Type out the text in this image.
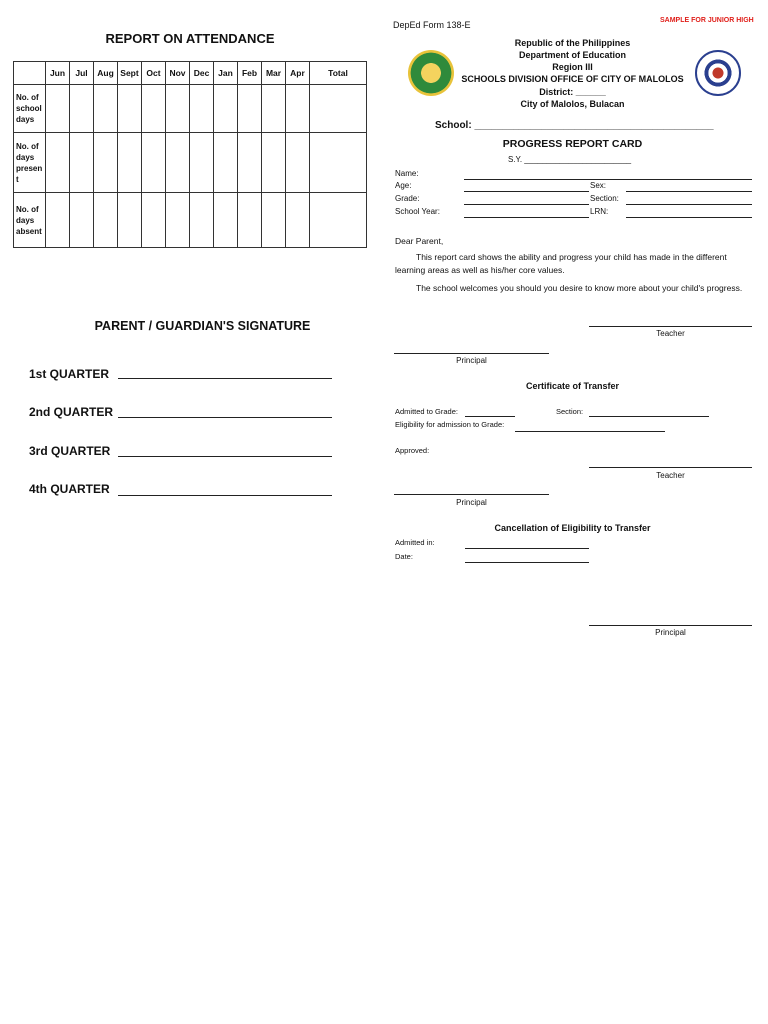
REPORT ON ATTENDANCE
	Jun	Jul	Aug	Sept	Oct	Nov	Dec	Jan	Feb	Mar	Apr	Total
No. of school days												
No. of days presen t												
No. of days absent												
PARENT / GUARDIAN'S SIGNATURE
1st QUARTER
2nd QUARTER
3rd QUARTER
4th QUARTER
DepEd Form 138-E	SAMPLE FOR JUNIOR HIGH
Republic of the Philippines
Department of Education
Region III
SCHOOLS DIVISION OFFICE OF CITY OF MALOLOS
District: ______
City of Malolos, Bulacan
School: ___________________________________________
PROGRESS REPORT CARD
S.Y. ________________________
Name:
Age:	Sex:
Grade:	Section:
School Year:	LRN:
Dear Parent,
This report card shows the ability and progress your child has made in the different learning areas as well as his/her core values.
The school welcomes you should you desire to know more about your child's progress.
Teacher
Principal
Certificate of Transfer
Admitted to Grade:	Section:
Eligibility for admission to Grade:
Approved:
Teacher
Principal
Cancellation of Eligibility to Transfer
Admitted in:
Date:
Principal
